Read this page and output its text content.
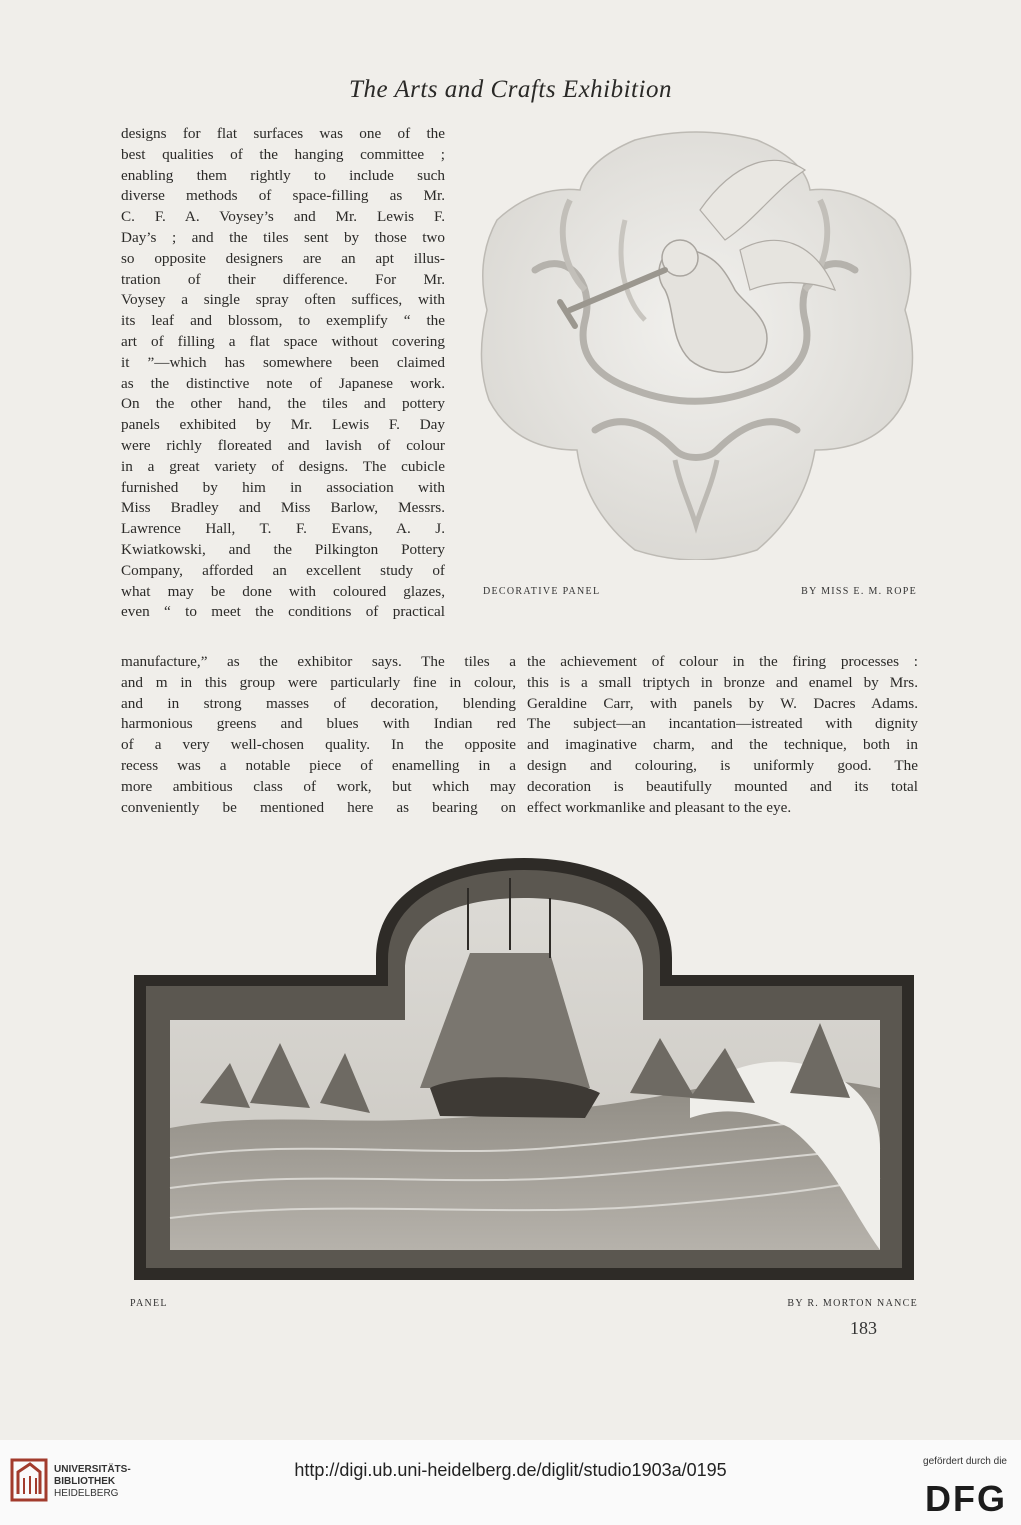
The Arts and Crafts Exhibition
designs for flat surfaces was one of the
best qualities of the hanging committee ;
enabling them rightly to include such
diverse methods of space-filling as Mr.
C. F. A. Voysey’s and Mr. Lewis F.
Day’s ; and the tiles sent by those two
so opposite designers are an apt illus-
tration of their difference. For Mr.
Voysey a single spray often suffices, with
its leaf and blossom, to exemplify “ the
art of filling a flat space without covering
it ”—which has somewhere been claimed
as the distinctive note of Japanese work.
On the other hand, the tiles and pottery
panels exhibited by Mr. Lewis F. Day
were richly floreated and lavish of colour
in a great variety of designs. The cubicle
furnished by him in association with
Miss Bradley and Miss Barlow, Messrs.
Lawrence Hall, T. F. Evans, A. J.
Kwiatkowski, and the Pilkington Pottery
Company, afforded an excellent study of
what may be done with coloured glazes,
even “ to meet the conditions of practical
DECORATIVE PANEL	BY MISS E. M. ROPE
manufacture,” as the exhibitor says. The tiles a
and m in this group were particularly fine in colour,
and in strong masses of decoration, blending
harmonious greens and blues with Indian red
of a very well-chosen quality. In the opposite
recess was a notable piece of enamelling in a
more ambitious class of work, but which may
conveniently be mentioned here as bearing on
the achievement of colour in the firing processes :
this is a small triptych in bronze and enamel by Mrs.
Geraldine Carr, with panels by W. Dacres Adams.
The subject—an incantation—istreated with dignity
and imaginative charm, and the technique, both in
design and colouring, is uniformly good. The
decoration is beautifully mounted and its total
effect workmanlike and pleasant to the eye.
PANEL	BY R. MORTON NANCE
183
UNIVERSITÄTS-
BIBLIOTHEK
HEIDELBERG
http://digi.ub.uni-heidelberg.de/diglit/studio1903a/0195	gefördert durch die
DFG
